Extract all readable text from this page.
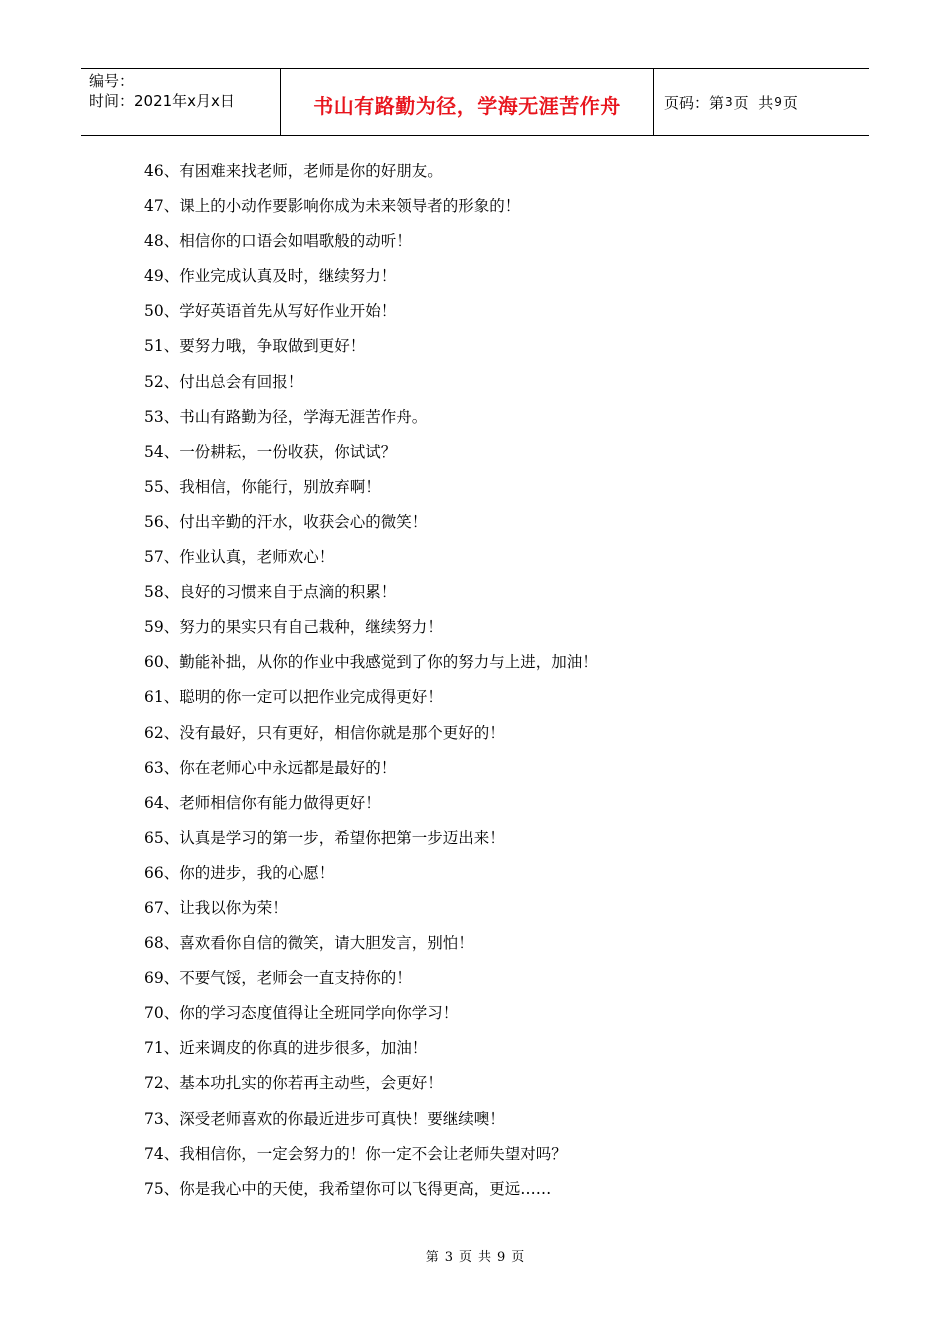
编号：
时间：2021年x月x日	书山有路勤为径，学海无涯苦作舟	页码：第 3 页  共 9 页
46、有困难来找老师，老师是你的好朋友。
47、课上的小动作要影响你成为未来领导者的形象的！
48、相信你的口语会如唱歌般的动听！
49、作业完成认真及时，继续努力！
50、学好英语首先从写好作业开始！
51、要努力哦，争取做到更好！
52、付出总会有回报！
53、书山有路勤为径，学海无涯苦作舟。
54、一份耕耘，一份收获，你试试？
55、我相信，你能行，别放弃啊！
56、付出辛勤的汗水，收获会心的微笑！
57、作业认真，老师欢心！
58、良好的习惯来自于点滴的积累！
59、努力的果实只有自己栽种，继续努力！
60、勤能补拙，从你的作业中我感觉到了你的努力与上进，加油！
61、聪明的你一定可以把作业完成得更好！
62、没有最好，只有更好，相信你就是那个更好的！
63、你在老师心中永远都是最好的！
64、老师相信你有能力做得更好！
65、认真是学习的第一步，希望你把第一步迈出来！
66、你的进步，我的心愿！
67、让我以你为荣！
68、喜欢看你自信的微笑，请大胆发言，别怕！
69、不要气馁，老师会一直支持你的！
70、你的学习态度值得让全班同学向你学习！
71、近来调皮的你真的进步很多，加油！
72、基本功扎实的你若再主动些，会更好！
73、深受老师喜欢的你最近进步可真快！要继续噢！
74、我相信你，一定会努力的！你一定不会让老师失望对吗？
75、你是我心中的天使，我希望你可以飞得更高，更远……
第 3 页 共 9 页
